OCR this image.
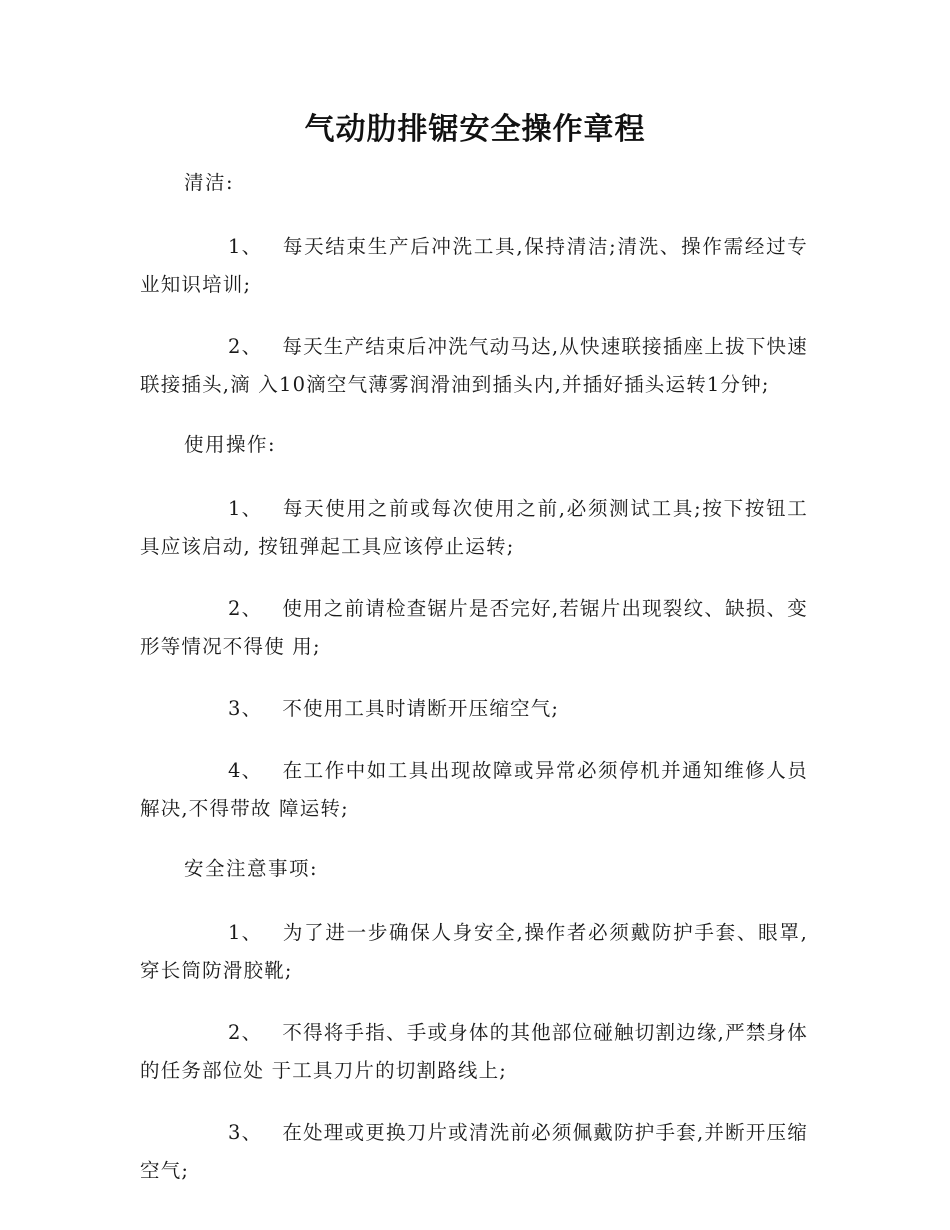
气动肋排锯安全操作章程
清洁:
1、 每天结束生产后冲洗工具,保持清洁;清洗、操作需经过专业知识培训;
2、 每天生产结束后冲洗气动马达,从快速联接插座上拔下快速联接插头,滴 入10滴空气薄雾润滑油到插头内,并插好插头运转1分钟;
使用操作:
1、 每天使用之前或每次使用之前,必须测试工具;按下按钮工具应该启动, 按钮弹起工具应该停止运转;
2、 使用之前请检查锯片是否完好,若锯片出现裂纹、缺损、变形等情况不得使 用;
3、 不使用工具时请断开压缩空气;
4、 在工作中如工具出现故障或异常必须停机并通知维修人员解决,不得带故 障运转;
安全注意事项:
1、 为了进一步确保人身安全,操作者必须戴防护手套、眼罩,穿长筒防滑胶靴;
2、 不得将手指、手或身体的其他部位碰触切割边缘,严禁身体的任务部位处 于工具刀片的切割路线上;
3、 在处理或更换刀片或清洗前必须佩戴防护手套,并断开压缩空气;
